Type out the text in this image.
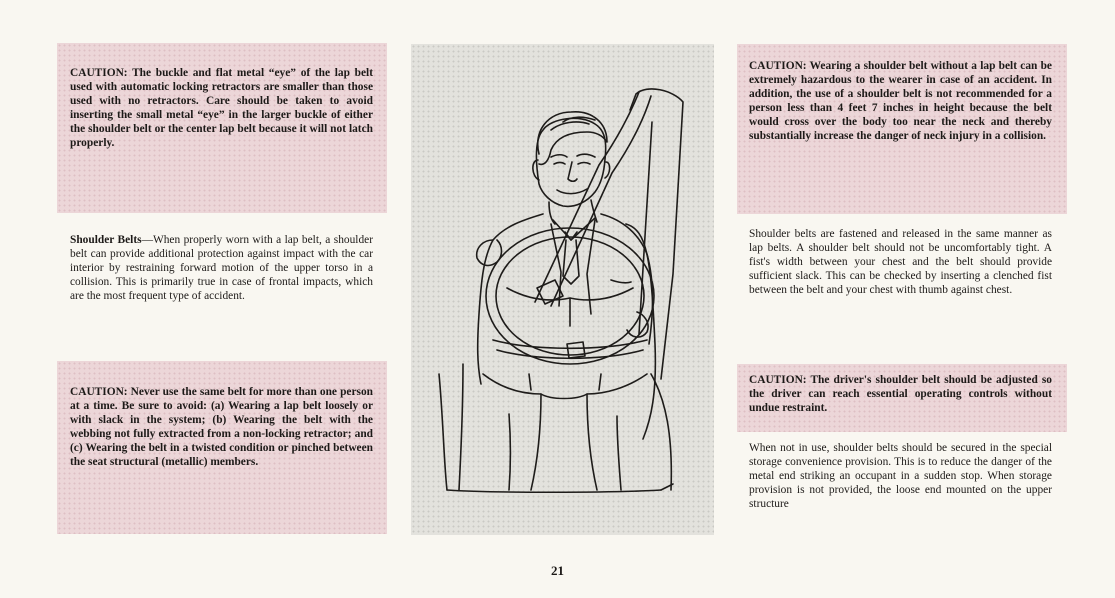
CAUTION: The buckle and flat metal “eye” of the lap belt used with automatic locking retractors are smaller than those used with no retractors. Care should be taken to avoid inserting the small metal “eye” in the larger buckle of either the shoulder belt or the center lap belt because it will not latch properly.

Shoulder Belts—When properly worn with a lap belt, a shoulder belt can provide additional protection against impact with the car interior by restraining forward motion of the upper torso in a collision. This is primarily true in case of frontal impacts, which are the most frequent type of accident.

CAUTION: Never use the same belt for more than one person at a time. Be sure to avoid: (a) Wearing a lap belt loosely or with slack in the system; (b) Wearing the belt with the webbing not fully extracted from a non-locking retractor; and (c) Wearing the belt in a twisted condition or pinched between the seat structural (metallic) members.

CAUTION: Wearing a shoulder belt without a lap belt can be extremely hazardous to the wearer in case of an accident. In addition, the use of a shoulder belt is not recommended for a person less than 4 feet 7 inches in height because the belt would cross over the body too near the neck and thereby substantially increase the danger of neck injury in a collision.

Shoulder belts are fastened and released in the same manner as lap belts. A shoulder belt should not be uncomfortably tight. A fist's width between your chest and the belt should provide sufficient slack. This can be checked by inserting a clenched fist between the belt and your chest with thumb against chest.

CAUTION: The driver's shoulder belt should be adjusted so the driver can reach essential operating controls without undue restraint.

When not in use, shoulder belts should be secured in the special storage convenience provision. This is to reduce the danger of the metal end striking an occupant in a sudden stop. When storage provision is not provided, the loose end mounted on the upper structure

21
